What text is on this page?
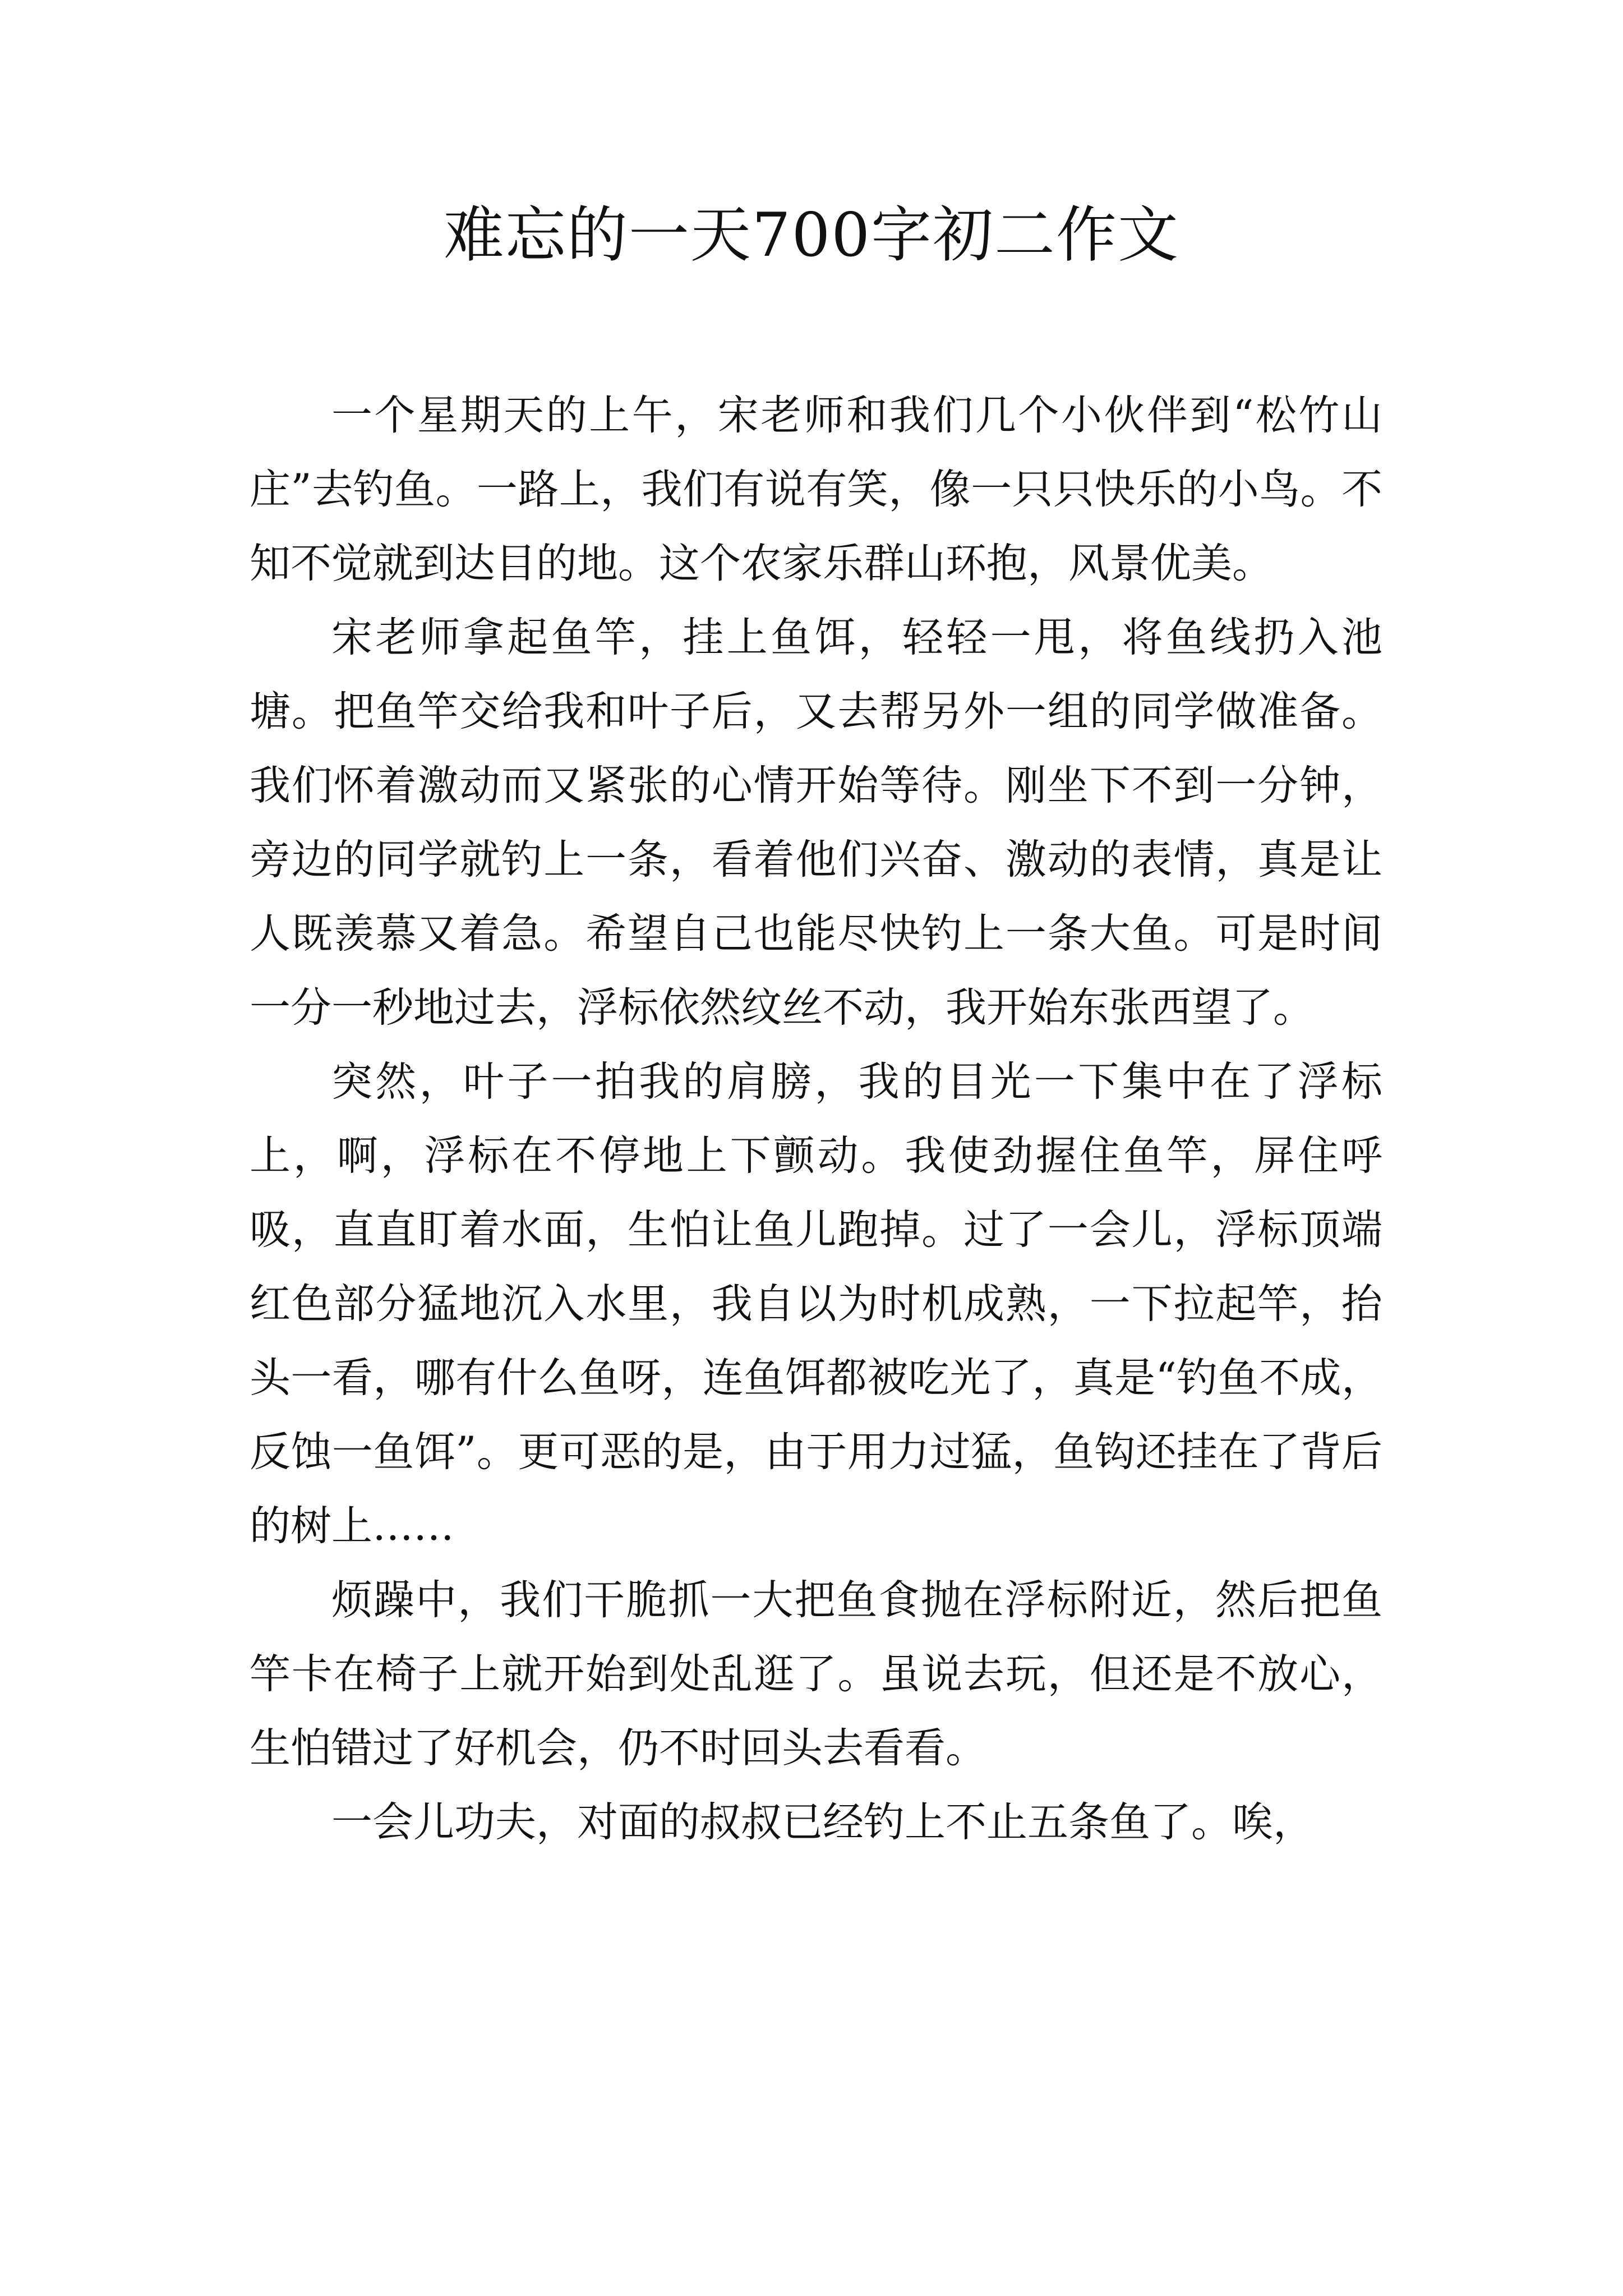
难忘的一天700字初二作文

一个星期天的上午，宋老师和我们几个小伙伴到“松竹山庄”去钓鱼。一路上，我们有说有笑，像一只只快乐的小鸟。不知不觉就到达目的地。这个农家乐群山环抱，风景优美。

宋老师拿起鱼竿，挂上鱼饵，轻轻一甩，将鱼线扔入池塘。把鱼竿交给我和叶子后，又去帮另外一组的同学做准备。我们怀着激动而又紧张的心情开始等待。刚坐下不到一分钟，旁边的同学就钓上一条，看着他们兴奋、激动的表情，真是让人既羡慕又着急。希望自己也能尽快钓上一条大鱼。可是时间一分一秒地过去，浮标依然纹丝不动，我开始东张西望了。

突然，叶子一拍我的肩膀，我的目光一下集中在了浮标上，啊，浮标在不停地上下颤动。我使劲握住鱼竿，屏住呼吸，直直盯着水面，生怕让鱼儿跑掉。过了一会儿，浮标顶端红色部分猛地沉入水里，我自以为时机成熟，一下拉起竿，抬头一看，哪有什么鱼呀，连鱼饵都被吃光了，真是“钓鱼不成，反蚀一鱼饵”。更可恶的是，由于用力过猛，鱼钩还挂在了背后的树上……

烦躁中，我们干脆抓一大把鱼食抛在浮标附近，然后把鱼竿卡在椅子上就开始到处乱逛了。虽说去玩，但还是不放心，生怕错过了好机会，仍不时回头去看看。

一会儿功夫，对面的叔叔已经钓上不止五条鱼了。唉，
